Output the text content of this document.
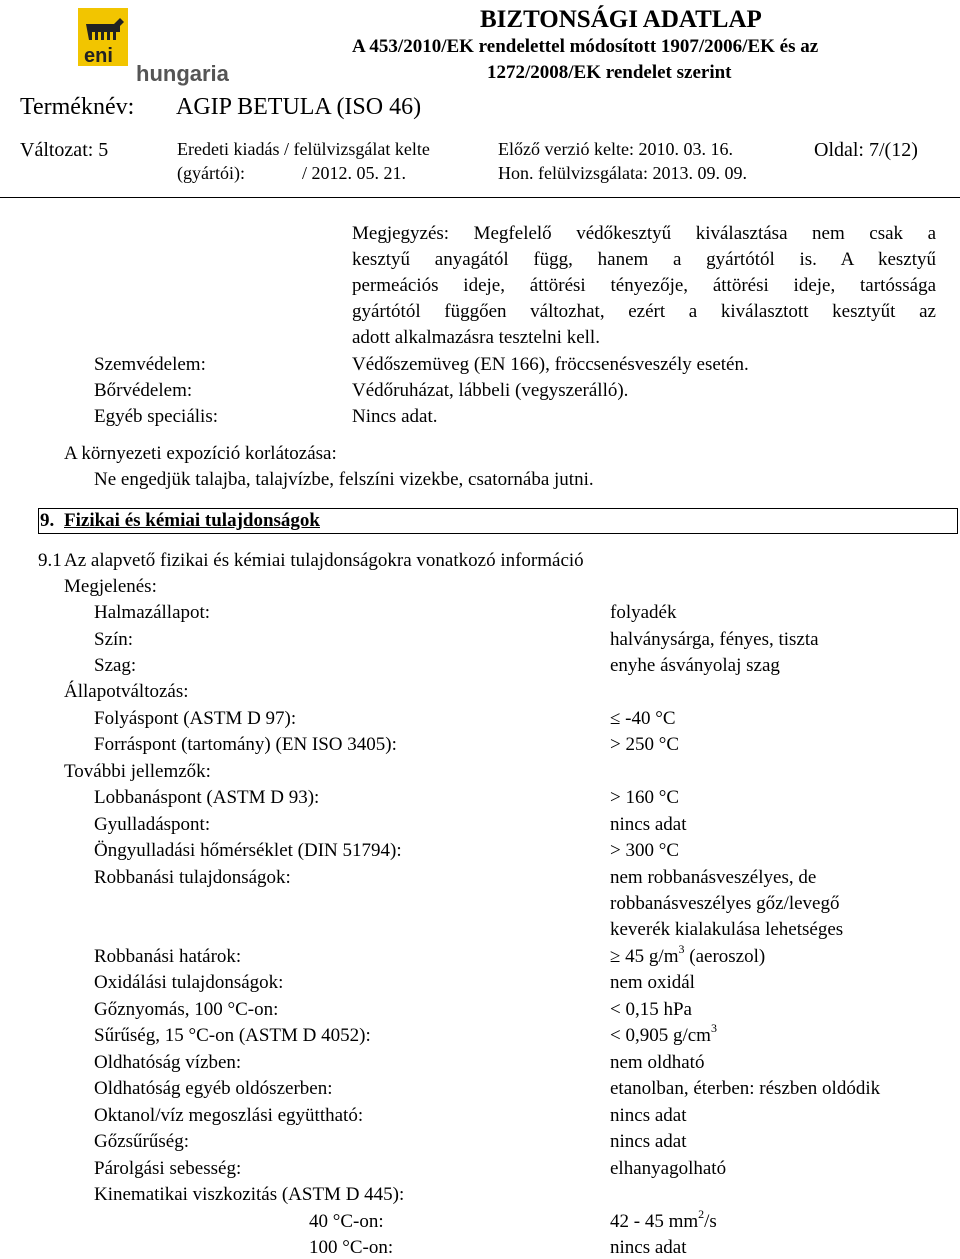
eni
hungaria
BIZTONSÁGI ADATLAP
A 453/2010/EK rendelettel módosított 1907/2006/EK és az
1272/2008/EK rendelet szerint
Terméknév: AGIP BETULA (ISO 46)
Változat: 5	Eredeti kiadás / felülvizsgálat kelte
(gyártói):	/ 2012. 05. 21.
Előző verzió kelte: 2010. 03. 16.
Hon. felülvizsgálata: 2013. 09. 09.
Oldal: 7/(12)
Megjegyzés: Megfelelő védőkesztyű kiválasztása nem csak a
kesztyű anyagától függ, hanem a gyártótól is. A kesztyű
permeációs ideje, áttörési tényezője, áttörési ideje, tartóssága
gyártótól függően változhat, ezért a kiválasztott kesztyűt az
adott alkalmazásra tesztelni kell.
Szemvédelem:	Védőszemüveg (EN 166), fröccsenésveszély esetén.
Bőrvédelem:	Védőruházat, lábbeli (vegyszerálló).
Egyéb speciális:	Nincs adat.
A környezeti expozíció korlátozása:
Ne engedjük talajba, talajvízbe, felszíni vizekbe, csatornába jutni.
9. Fizikai és kémiai tulajdonságok
9.1 Az alapvető fizikai és kémiai tulajdonságokra vonatkozó információ
Megjelenés:
Halmazállapot:	folyadék
Szín:	halványsárga, fényes, tiszta
Szag:	enyhe ásványolaj szag
Állapotváltozás:
Folyáspont (ASTM D 97):	≤ -40 °C
Forráspont (tartomány) (EN ISO 3405):	> 250 °C
További jellemzők:
Lobbanáspont (ASTM D 93):	> 160 °C
Gyulladáspont:	nincs adat
Öngyulladási hőmérséklet (DIN 51794):	> 300 °C
Robbanási tulajdonságok:	nem robbanásveszélyes, de
robbanásveszélyes gőz/levegő
keverék kialakulása lehetséges
Robbanási határok:	≥ 45 $g/m^3$ (aeroszol)
Oxidálási tulajdonságok:	nem oxidál
Gőznyomás, 100 °C-on:	< 0,15 hPa
Sűrűség, 15 °C-on (ASTM D 4052):	< 0,905 $g/cm^3$
Oldhatóság vízben:	nem oldható
Oldhatóság egyéb oldószerben:	etanolban, éterben: részben oldódik
Oktanol/víz megoszlási együttható:	nincs adat
Gőzsűrűség:	nincs adat
Párolgási sebesség:	elhanyagolható
Kinematikai viszkozitás (ASTM D 445):
40 °C-on:	42 - 45 $mm^2/s$
100 °C-on:	nincs adat
